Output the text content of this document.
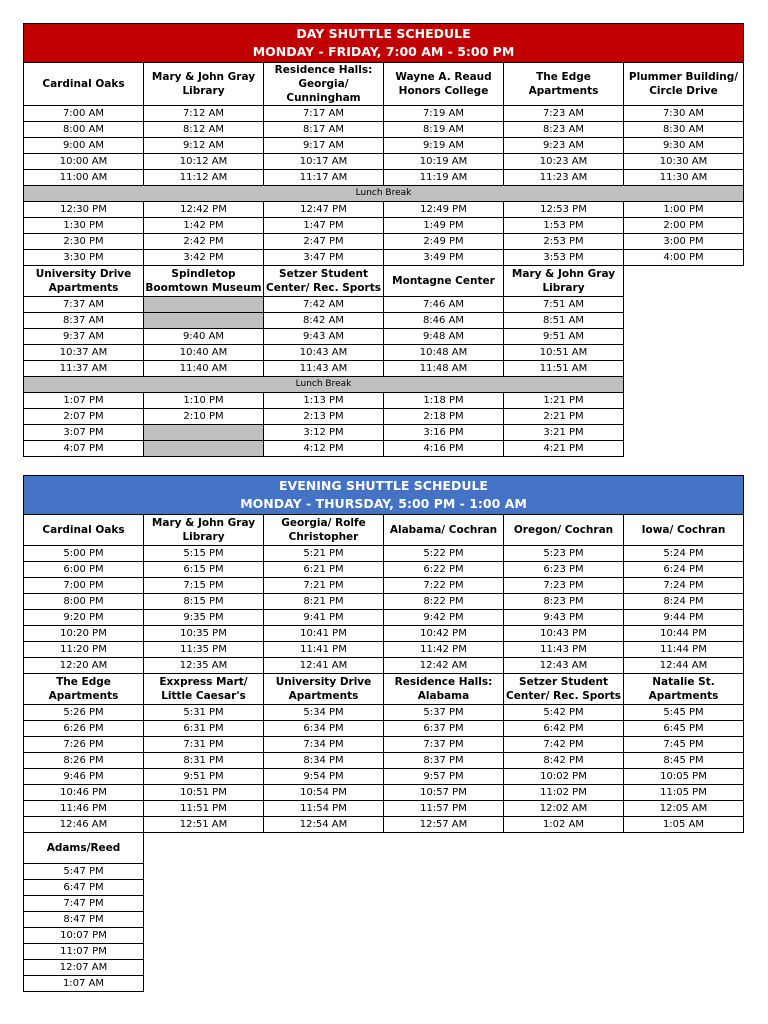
DAY SHUTTLE SCHEDULE
MONDAY - FRIDAY, 7:00 AM - 5:00 PM					

Cardinal Oaks	Mary & John Gray Library	Residence Halls: Georgia/ Cunningham	Wayne A. Reaud Honors College	The Edge Apartments	Plummer Building/ Circle Drive
7:00 AM	7:12 AM	7:17 AM	7:19 AM	7:23 AM	7:30 AM
8:00 AM	8:12 AM	8:17 AM	8:19 AM	8:23 AM	8:30 AM
9:00 AM	9:12 AM	9:17 AM	9:19 AM	9:23 AM	9:30 AM
10:00 AM	10:12 AM	10:17 AM	10:19 AM	10:23 AM	10:30 AM
11:00 AM	11:12 AM	11:17 AM	11:19 AM	11:23 AM	11:30 AM
Lunch Break					
12:30 PM	12:42 PM	12:47 PM	12:49 PM	12:53 PM	1:00 PM
1:30 PM	1:42 PM	1:47 PM	1:49 PM	1:53 PM	2:00 PM
2:30 PM	2:42 PM	2:47 PM	2:49 PM	2:53 PM	3:00 PM
3:30 PM	3:42 PM	3:47 PM	3:49 PM	3:53 PM	4:00 PM
University Drive Apartments	Spindletop Boomtown Museum	Setzer Student Center/ Rec. Sports	Montagne Center	Mary & John Gray Library	
7:37 AM		7:42 AM	7:46 AM	7:51 AM	
8:37 AM		8:42 AM	8:46 AM	8:51 AM	
9:37 AM	9:40 AM	9:43 AM	9:48 AM	9:51 AM	
10:37 AM	10:40 AM	10:43 AM	10:48 AM	10:51 AM	
11:37 AM	11:40 AM	11:43 AM	11:48 AM	11:51 AM	
Lunch Break					
1:07 PM	1:10 PM	1:13 PM	1:18 PM	1:21 PM	
2:07 PM	2:10 PM	2:13 PM	2:18 PM	2:21 PM	
3:07 PM		3:12 PM	3:16 PM	3:21 PM	
4:07 PM		4:12 PM	4:16 PM	4:21 PM	
EVENING SHUTTLE SCHEDULE
MONDAY - THURSDAY, 5:00 PM - 1:00 AM					

Cardinal Oaks	Mary & John Gray Library	Georgia/ Rolfe Christopher	Alabama/ Cochran	Oregon/ Cochran	Iowa/ Cochran
5:00 PM	5:15 PM	5:21 PM	5:22 PM	5:23 PM	5:24 PM
6:00 PM	6:15 PM	6:21 PM	6:22 PM	6:23 PM	6:24 PM
7:00 PM	7:15 PM	7:21 PM	7:22 PM	7:23 PM	7:24 PM
8:00 PM	8:15 PM	8:21 PM	8:22 PM	8:23 PM	8:24 PM
9:20 PM	9:35 PM	9:41 PM	9:42 PM	9:43 PM	9:44 PM
10:20 PM	10:35 PM	10:41 PM	10:42 PM	10:43 PM	10:44 PM
11:20 PM	11:35 PM	11:41 PM	11:42 PM	11:43 PM	11:44 PM
12:20 AM	12:35 AM	12:41 AM	12:42 AM	12:43 AM	12:44 AM
The Edge Apartments	Exxpress Mart/ Little Caesar's	University Drive Apartments	Residence Halls: Alabama	Setzer Student Center/ Rec. Sports	Natalie St. Apartments
5:26 PM	5:31 PM	5:34 PM	5:37 PM	5:42 PM	5:45 PM
6:26 PM	6:31 PM	6:34 PM	6:37 PM	6:42 PM	6:45 PM
7:26 PM	7:31 PM	7:34 PM	7:37 PM	7:42 PM	7:45 PM
8:26 PM	8:31 PM	8:34 PM	8:37 PM	8:42 PM	8:45 PM
9:46 PM	9:51 PM	9:54 PM	9:57 PM	10:02 PM	10:05 PM
10:46 PM	10:51 PM	10:54 PM	10:57 PM	11:02 PM	11:05 PM
11:46 PM	11:51 PM	11:54 PM	11:57 PM	12:02 AM	12:05 AM
12:46 AM	12:51 AM	12:54 AM	12:57 AM	1:02 AM	1:05 AM
Adams/Reed					
5:47 PM					
6:47 PM					
7:47 PM					
8:47 PM					
10:07 PM					
11:07 PM					
12:07 AM					
1:07 AM					
